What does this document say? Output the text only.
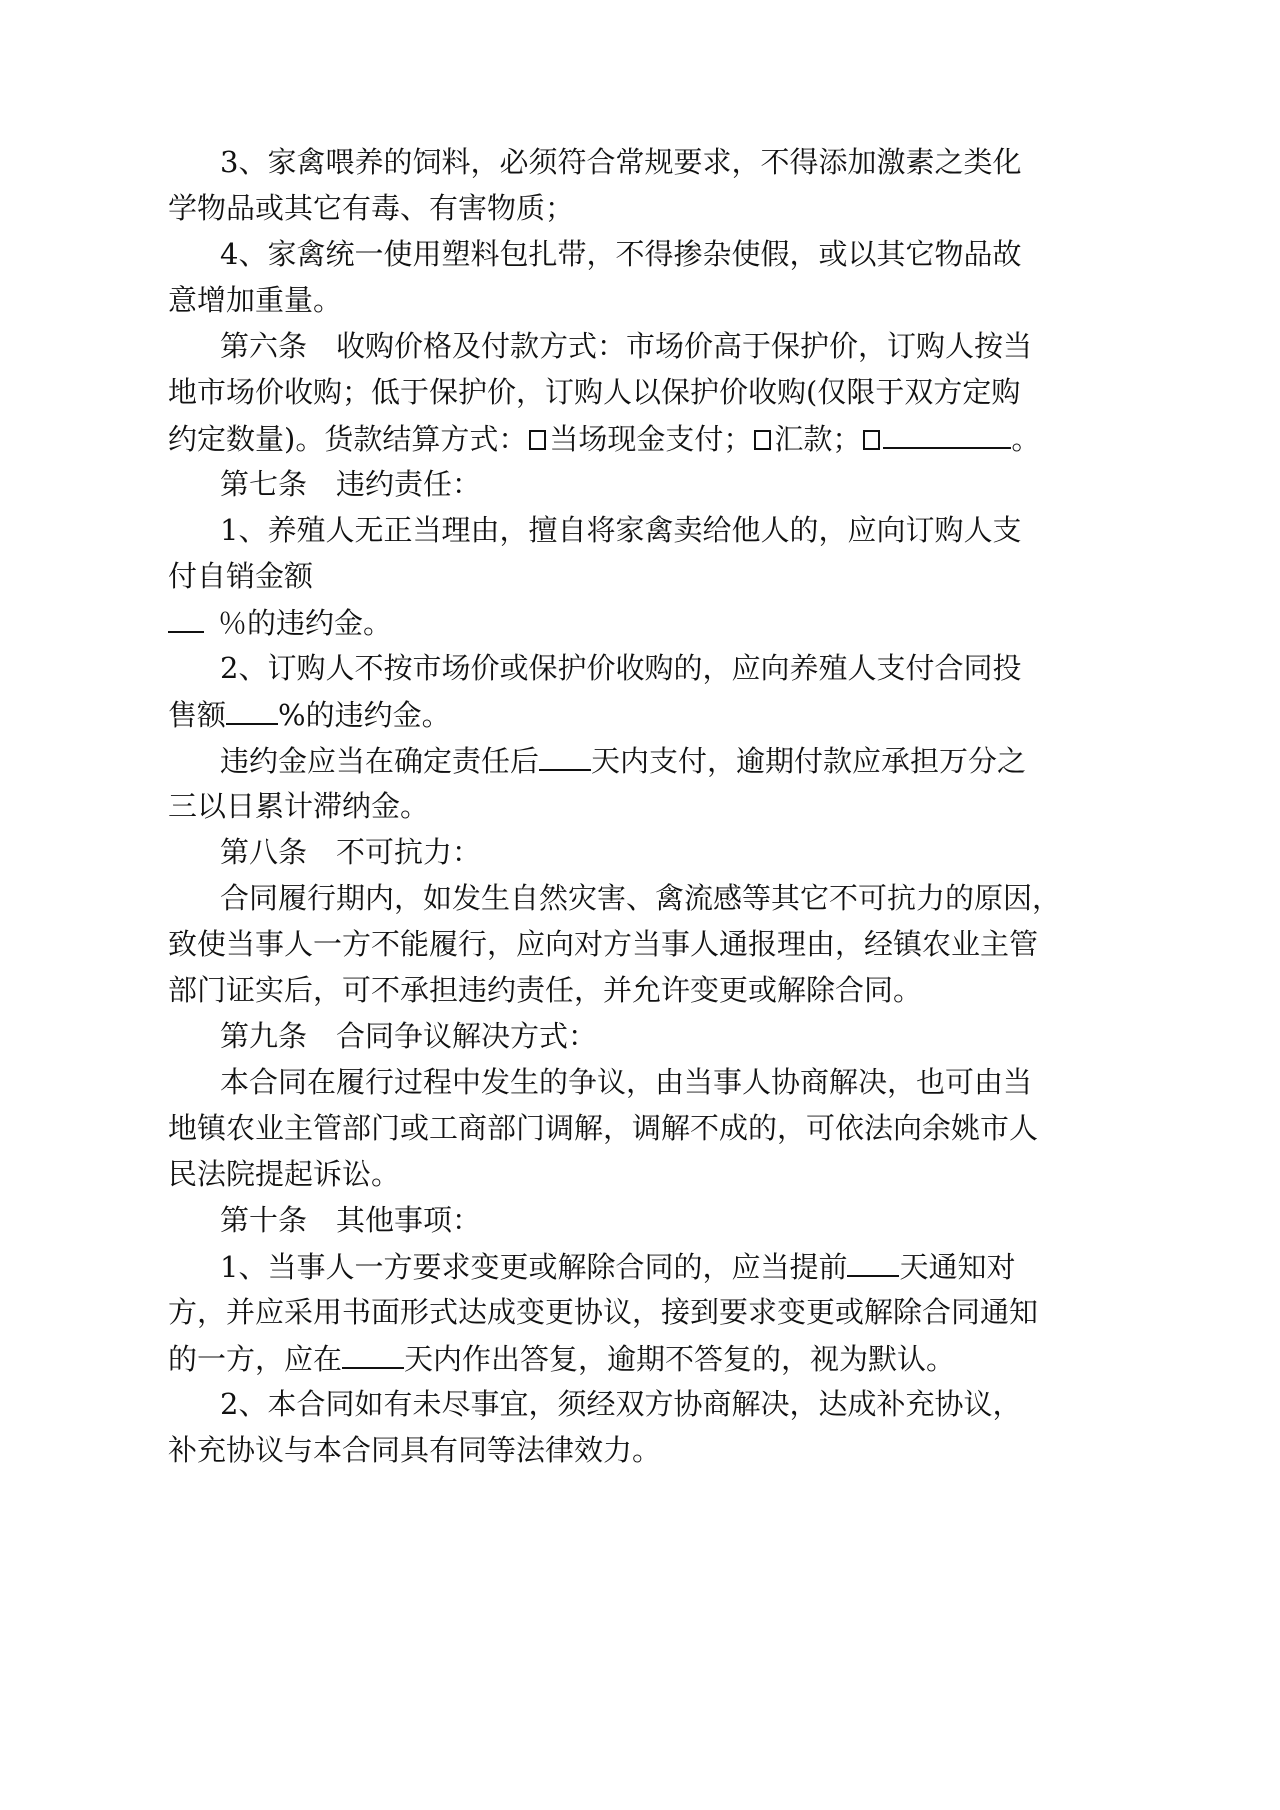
3、家禽喂养的饲料，必须符合常规要求，不得添加激素之类化
学物品或其它有毒、有害物质；
4、家禽统一使用塑料包扎带，不得掺杂使假，或以其它物品故
意增加重量。
第六条　收购价格及付款方式：市场价高于保护价，订购人按当
地市场价收购；低于保护价，订购人以保护价收购(仅限于双方定购
约定数量)。货款结算方式： 当场现金支付； 汇款；	。
第七条　违约责任：
1、养殖人无正当理由，擅自将家禽卖给他人的，应向订购人支
付自销金额
％的违约金。
2、订购人不按市场价或保护价收购的，应向养殖人支付合同投
售额 %的违约金。
违约金应当在确定责任后 天内支付，逾期付款应承担万分之
三以日累计滞纳金。
第八条　不可抗力：
合同履行期内，如发生自然灾害、禽流感等其它不可抗力的原因，
致使当事人一方不能履行，应向对方当事人通报理由，经镇农业主管
部门证实后，可不承担违约责任，并允许变更或解除合同。
第九条　合同争议解决方式：
本合同在履行过程中发生的争议，由当事人协商解决，也可由当
地镇农业主管部门或工商部门调解，调解不成的，可依法向余姚市人
民法院提起诉讼。
第十条　其他事项：
1、当事人一方要求变更或解除合同的，应当提前 天通知对
方，并应采用书面形式达成变更协议，接到要求变更或解除合同通知
的一方，应在 天内作出答复，逾期不答复的，视为默认。
2、本合同如有未尽事宜，须经双方协商解决，达成补充协议，
补充协议与本合同具有同等法律效力。
